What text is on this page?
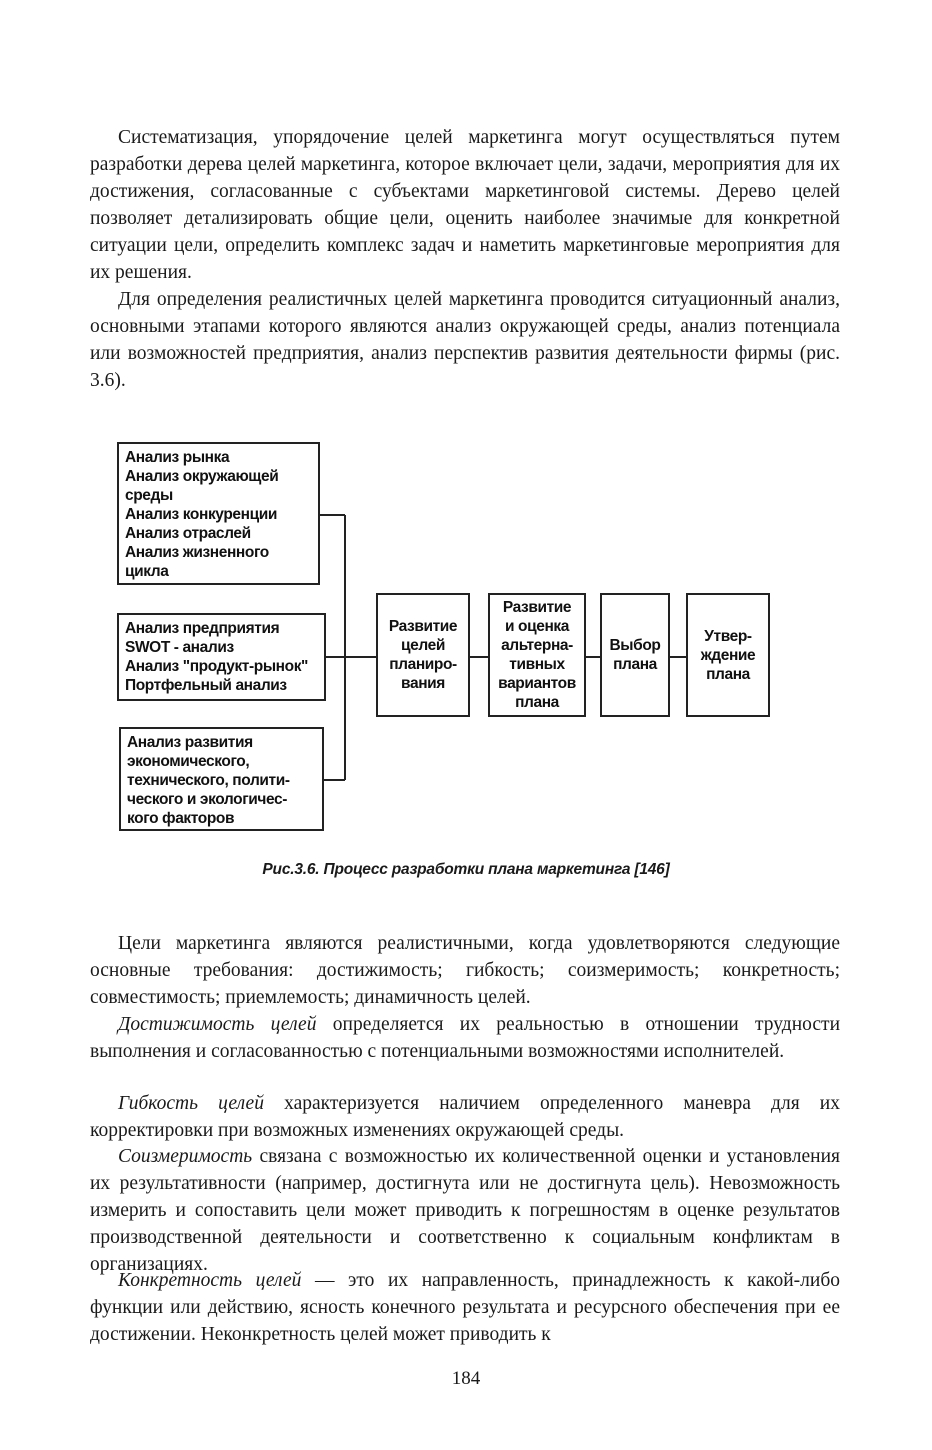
Систематизация, упорядочение целей маркетинга могут осуществляться путем разработки дерева целей маркетинга, которое включает цели, задачи, мероприятия для их достижения, согласованные с субъектами маркетинговой системы. Дерево целей позволяет детализировать общие цели, оценить наиболее значимые для конкретной ситуации цели, определить комплекс задач и наметить маркетинговые мероприятия для их решения.

Для определения реалистичных целей маркетинга проводится ситуационный анализ, основными этапами которого являются анализ окружающей среды, анализ потенциала или возможностей предприятия, анализ перспектив развития деятельности фирмы (рис. 3.6).

Анализ рынка
Анализ окружающей
среды
Анализ конкуренции
Анализ отраслей
Анализ жизненного
цикла
Анализ предприятия
SWOT - анализ
Анализ "продукт-рынок"
Портфельный анализ
Анализ развития
экономического,
технического, полити-
ческого и экологичес-
кого факторов
Развитие
целей
планиро-
вания
Развитие
и оценка
альтерна-
тивных
вариантов
плана
Выбор
плана
Утвер-
ждение
плана
Рис.3.6. Процесс разработки плана маркетинга [146]

Цели маркетинга являются реалистичными, когда удовлетворяются следующие основные требования: достижимость; гибкость; соизмеримость; конкретность; совместимость; приемлемость; динамичность целей.

Достижимость целей определяется их реальностью в отношении трудности выполнения и согласованностью с потенциальными возможностями исполнителей.

Гибкость целей характеризуется наличием определенного маневра для их корректировки при возможных изменениях окружающей среды.

Соизмеримость связана с возможностью их количественной оценки и установления их результативности (например, достигнута или не достигнута цель). Невозможность измерить и сопоставить цели может приводить к погрешностям в оценке результатов производственной деятельности и соответственно к социальным конфликтам в организациях.

Конкретность целей — это их направленность, принадлежность к какой-либо функции или действию, ясность конечного результата и ресурсного обеспечения при ее достижении. Неконкретность целей может приводить к

184
